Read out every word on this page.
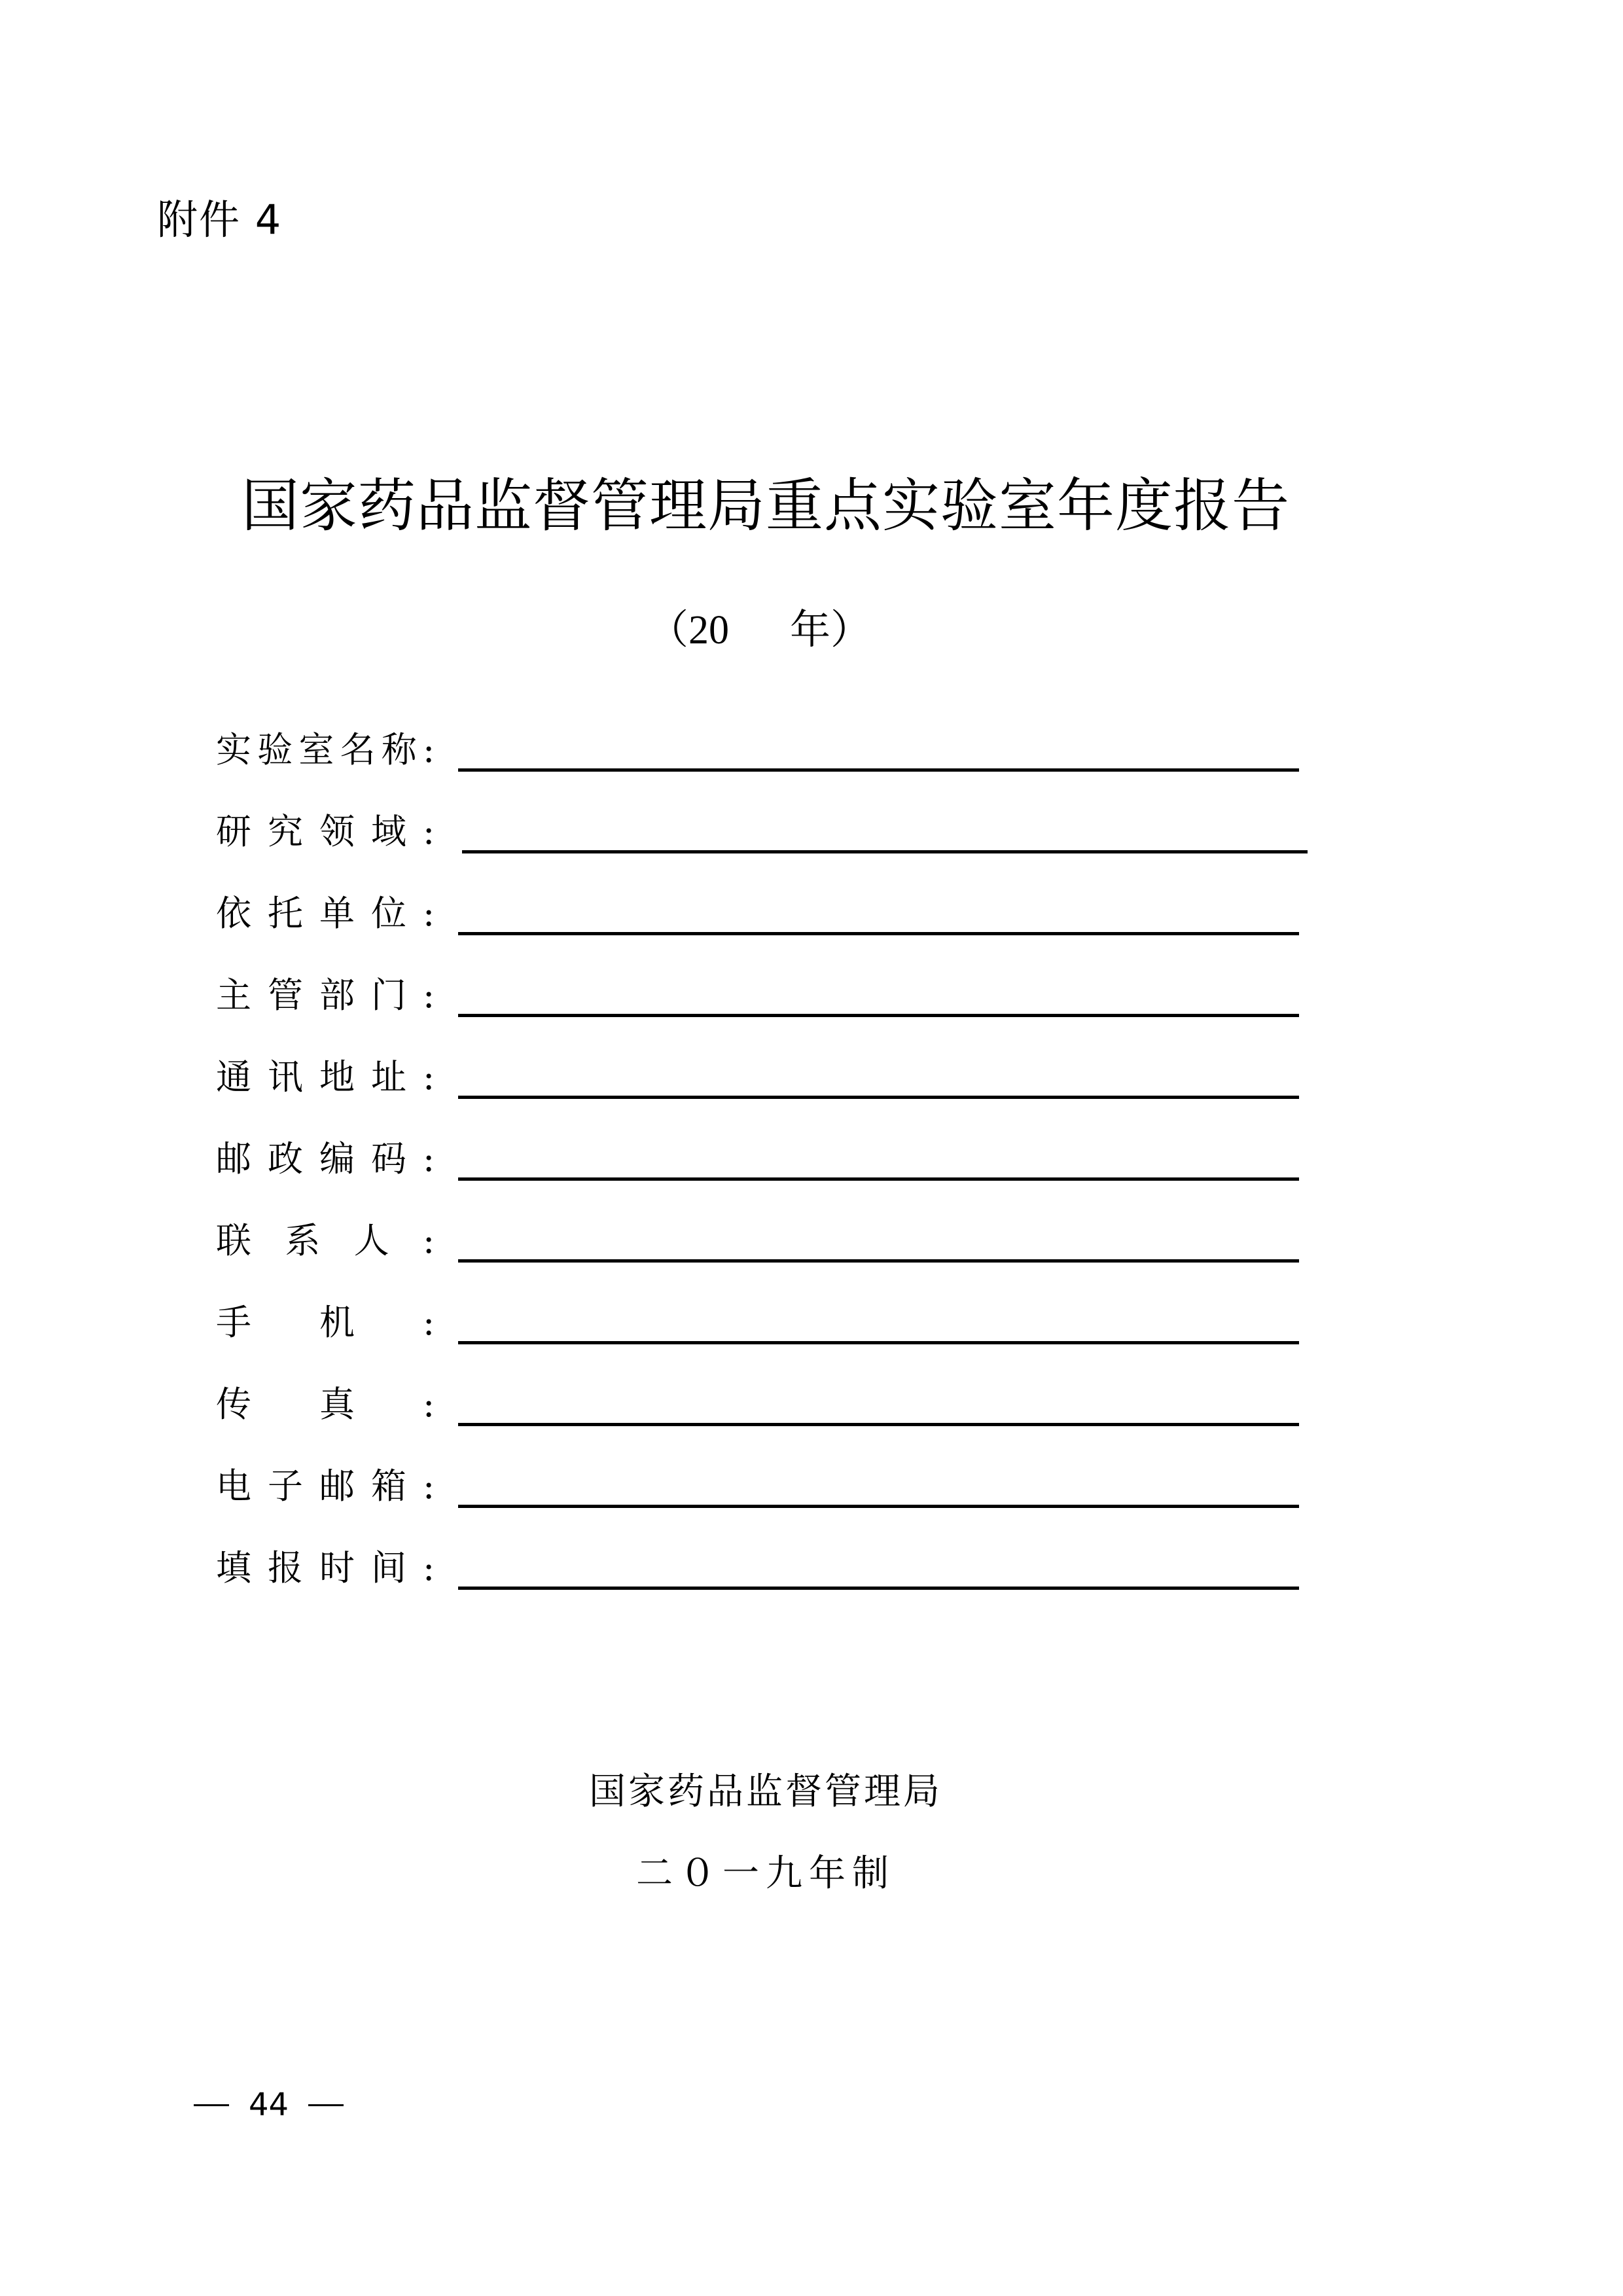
附件 4
国家药品监督管理局重点实验室年度报告
（20      年）
实 验 室 名 称 :
研 究 领 域 :
依 托 单 位 :
主 管 部 门 :
通 讯 地 址 :
邮 政 编 码 :
联 系 人 :
手 机 :
传 真 :
电 子 邮 箱 :
填 报 时 间 :
国家药品监督管理局
二０一九年制
44
